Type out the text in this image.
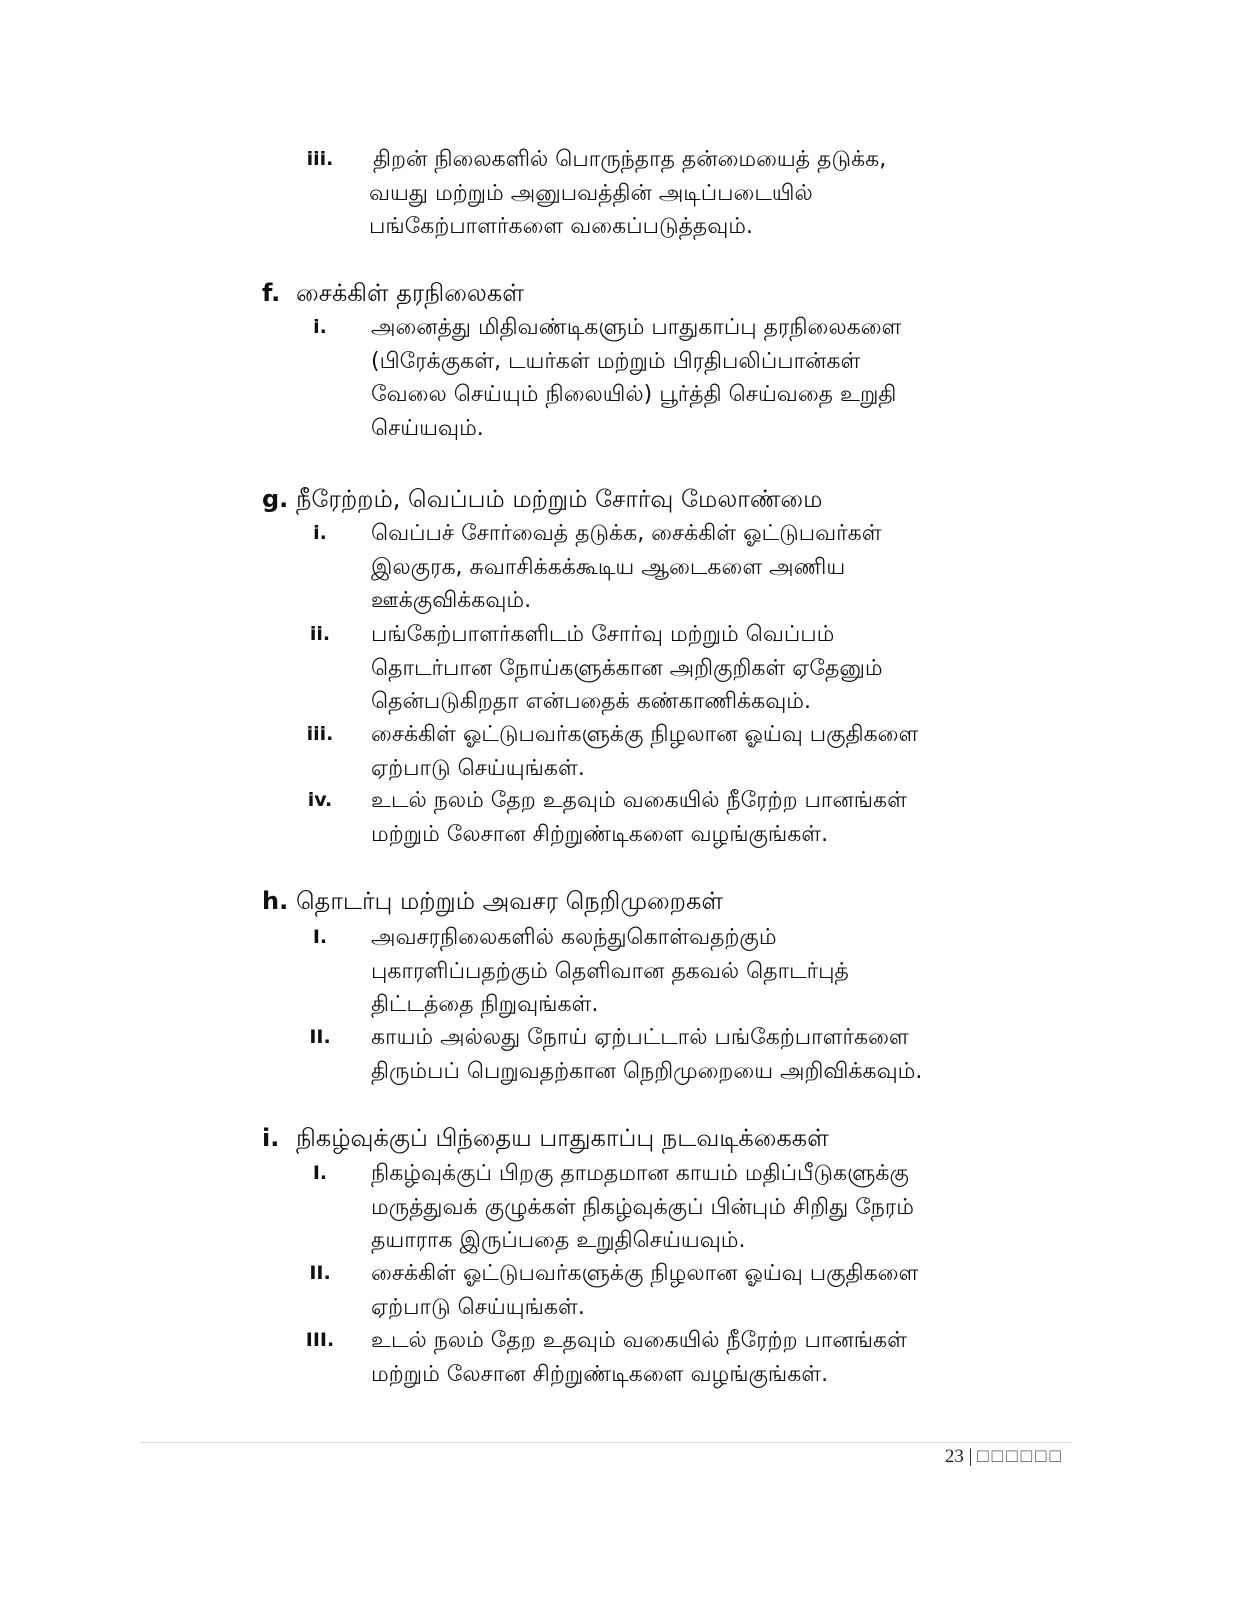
iii.	திறன் நிலைகளில் பொருந்தாத தன்மையைத் தடுக்க,
வயது மற்றும் அனுபவத்தின் அடிப்படையில்
பங்கேற்பாளர்களை வகைப்படுத்தவும்.
f. சைக்கிள் தரநிலைகள்
i.	அனைத்து மிதிவண்டிகளும் பாதுகாப்பு தரநிலைகளை
(பிரேக்குகள், டயர்கள் மற்றும் பிரதிபலிப்பான்கள்
வேலை செய்யும் நிலையில்) பூர்த்தி செய்வதை உறுதி
செய்யவும்.
g. நீரேற்றம், வெப்பம் மற்றும் சோர்வு மேலாண்மை
i.	வெப்பச் சோர்வைத் தடுக்க, சைக்கிள் ஓட்டுபவர்கள்
இலகுரக, சுவாசிக்கக்கூடிய ஆடைகளை அணிய
ஊக்குவிக்கவும்.
ii.	பங்கேற்பாளர்களிடம் சோர்வு மற்றும் வெப்பம்
தொடர்பான நோய்களுக்கான அறிகுறிகள் ஏதேனும்
தென்படுகிறதா என்பதைக் கண்காணிக்கவும்.
iii.	சைக்கிள் ஓட்டுபவர்களுக்கு நிழலான ஓய்வு பகுதிகளை
ஏற்பாடு செய்யுங்கள்.
iv.	உடல் நலம் தேற உதவும் வகையில் நீரேற்ற பானங்கள்
மற்றும் லேசான சிற்றுண்டிகளை வழங்குங்கள்.
h. தொடர்பு மற்றும் அவசர நெறிமுறைகள்
I.	அவசரநிலைகளில் கலந்துகொள்வதற்கும்
புகாரளிப்பதற்கும் தெளிவான தகவல் தொடர்புத்
திட்டத்தை நிறுவுங்கள்.
II.	காயம் அல்லது நோய் ஏற்பட்டால் பங்கேற்பாளர்களை
திரும்பப் பெறுவதற்கான நெறிமுறையை அறிவிக்கவும்.
i. நிகழ்வுக்குப் பிந்தைய பாதுகாப்பு நடவடிக்கைகள்
I.	நிகழ்வுக்குப் பிறகு தாமதமான காயம் மதிப்பீடுகளுக்கு
மருத்துவக் குழுக்கள் நிகழ்வுக்குப் பின்பும் சிறிது நேரம்
தயாராக இருப்பதை உறுதிசெய்யவும்.
II.	சைக்கிள் ஓட்டுபவர்களுக்கு நிழலான ஓய்வு பகுதிகளை
ஏற்பாடு செய்யுங்கள்.
III. உடல் நலம் தேற உதவும் வகையில் நீரேற்ற பானங்கள்
மற்றும் லேசான சிற்றுண்டிகளை வழங்குங்கள்.
23 | □□□□□□
